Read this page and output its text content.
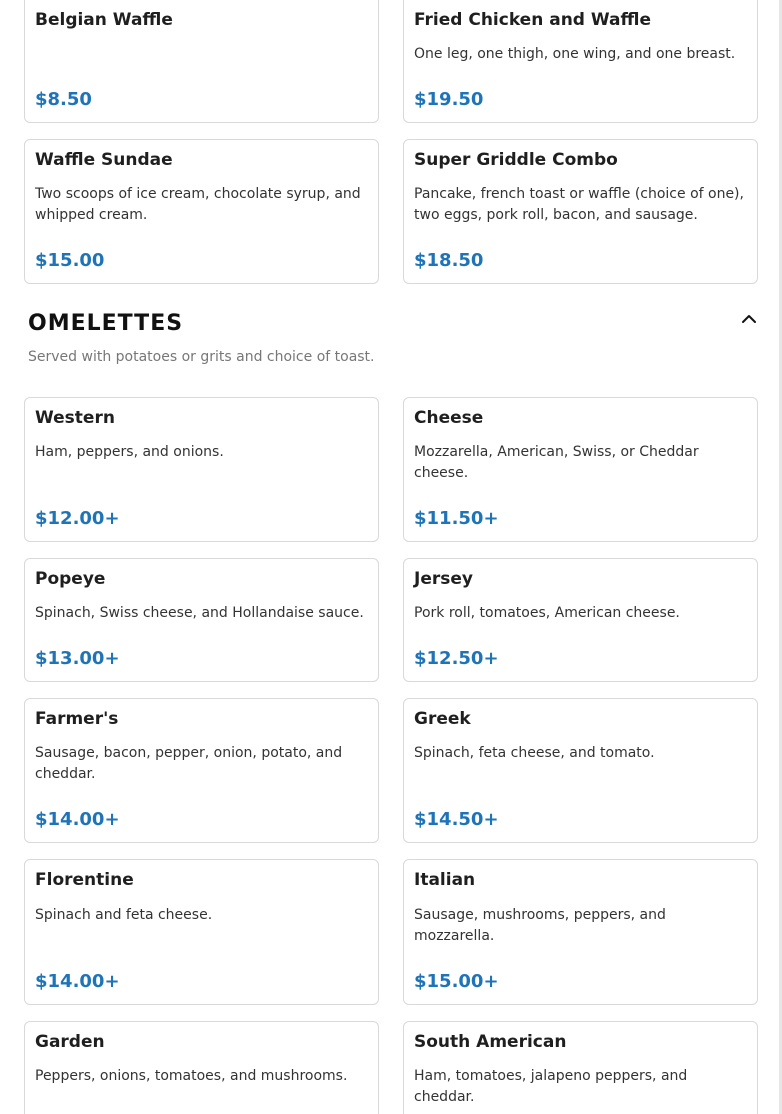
Belgian Waffle
$8.50
Fried Chicken and Waffle
One leg, one thigh, one wing, and one breast.
$19.50
Waffle Sundae
Two scoops of ice cream, chocolate syrup, and whipped cream.
$15.00
Super Griddle Combo
Pancake, french toast or waffle (choice of one), two eggs, pork roll, bacon, and sausage.
$18.50
OMELETTES
Served with potatoes or grits and choice of toast.
Western
Ham, peppers, and onions.
$12.00+
Cheese
Mozzarella, American, Swiss, or Cheddar cheese.
$11.50+
Popeye
Spinach, Swiss cheese, and Hollandaise sauce.
$13.00+
Jersey
Pork roll, tomatoes, American cheese.
$12.50+
Farmer's
Sausage, bacon, pepper, onion, potato, and cheddar.
$14.00+
Greek
Spinach, feta cheese, and tomato.
$14.50+
Florentine
Spinach and feta cheese.
$14.00+
Italian
Sausage, mushrooms, peppers, and mozzarella.
$15.00+
Garden
Peppers, onions, tomatoes, and mushrooms.
South American
Ham, tomatoes, jalapeno peppers, and cheddar.
